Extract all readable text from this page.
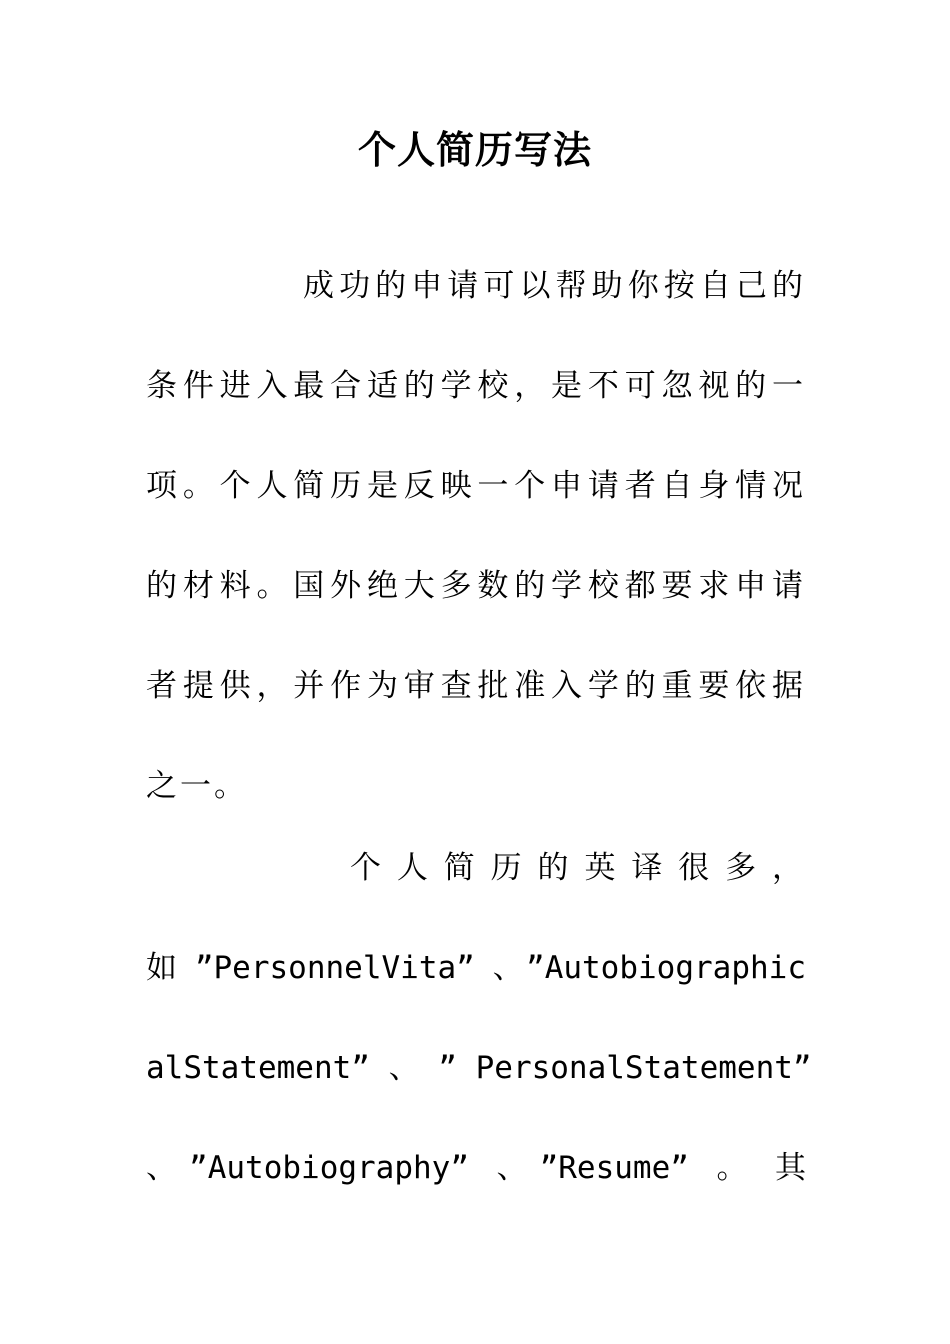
个人简历写法
成功的申请可以帮助你按自己的
条件进入最合适的学校，是不可忽视的一
项。个人简历是反映一个申请者自身情况
的材料。国外绝大多数的学校都要求申请
者提供，并作为审查批准入学的重要依据
之一。
个 人 简 历 的 英 译 很 多 ，
如”PersonnelVita”、”Autobiographic
alStatement” 、 ” PersonalStatement”
、”Autobiography”、”Resume”。其
